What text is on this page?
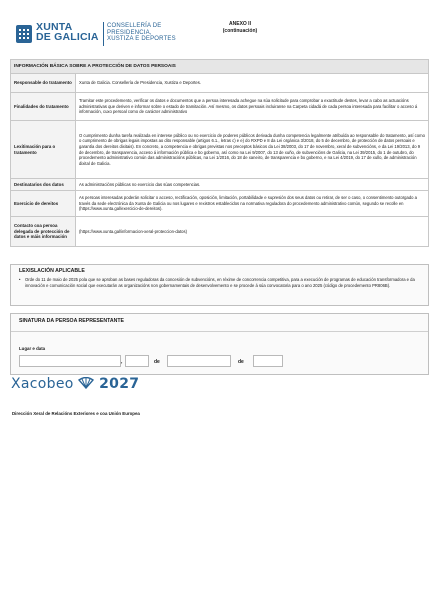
XUNTA
DE GALICIA
CONSELLERÍA DE
PRESIDENCIA,
XUSTIZA E DEPORTES
ANEXO II
(continuación)
INFORMACIÓN BÁSICA SOBRE A PROTECCIÓN DE DATOS PERSOAIS	
Responsable do tratamento	Xunta de Galicia. Consellería de Presidencia, Xustiza e Deportes.
Finalidades do tratamento	Tramitar este procedemento, verificar os datos e documentos que a persoa interesada achegue na súa solicitude para comprobar a exactitude destes, levar a cabo as actuacións administrativas que deriven e informar sobre o estado de tramitación. Así mesmo, os datos persoais incluiranse na Carpeta cidadá de cada persoa interesada para facilitar o acceso á información, cuxo persoal como de carácter administrativo
Lexitimación para o tratamento	O cumprimento dunha tarefa realizada en interese público ou no exercicio de poderes públicos derivada dunha competencia legalmente atribuída ao responsable do tratamento, así como o cumprimento de obrigas legais impostas ao dito responsable (artigos 6.1., letras c) e e) do RXPD e 8 da Lei orgánica 3/2018, do 5 de decembro, de protección de datos persoais e garantía dos dereitos dixitais). En concreto, a competencia e obrigas previstas nos preceptos básicos da Lei 38/2003, do 17 de novembro, xeral de subvencións, e da Lei 19/2013, do 9 de decembro, de transparencia, acceso á información pública e bo goberno, así como na Lei 9/2007, do 13 de xuño, de subvencións de Galicia, na Lei 39/2015, do 1 de outubro, do procedemento administrativo común das administracións públicas, na Lei 1/2016, do 18 de xaneiro, de transparencia e bo goberno, e na Lei 4/2019, do 17 de xullo, de administración dixital de Galicia.
Destinatarios dos datos	As administracións públicas no exercicio das súas competencias.
Exercicio de dereitos	As persoas interesadas poderán solicitar o acceso, rectificación, oposición, limitación, portabilidade e supresión dos seus datos ou retirar, de ser o caso, o consentimento outorgado a través da sede electrónica da Xunta de Galicia ou nos lugares e rexistros establecidos na normativa reguladora do procedemento administrativo común, segundo se recolle en (https://www.xunta.gal/exercicio-de-dereitos).
Contacto coa persoa delegada de protección de datos e máis información	(https://www.xunta.gal/informacion-xeral-proteccion-datos)
LEXISLACIÓN APLICABLE
• Orde do 11 de maio de 2025 pola que se aproban as bases reguladoras da concesión de subvencións, en réxime de concorrencia competitiva, para a execución de programas de educación transformadora e da innovación e comunicación social que executarán as organizacións non gobernamentais de desenvolvemento e se procede á súa convocatoria para o ano 2025 (código de procedemento PR806B).
SINATURA DA PERSOA REPRESENTANTE
Lugar e data
,	de	de
Xacobeo 2027
Dirección Xeral de Relacións Exteriores e coa Unión Europea
